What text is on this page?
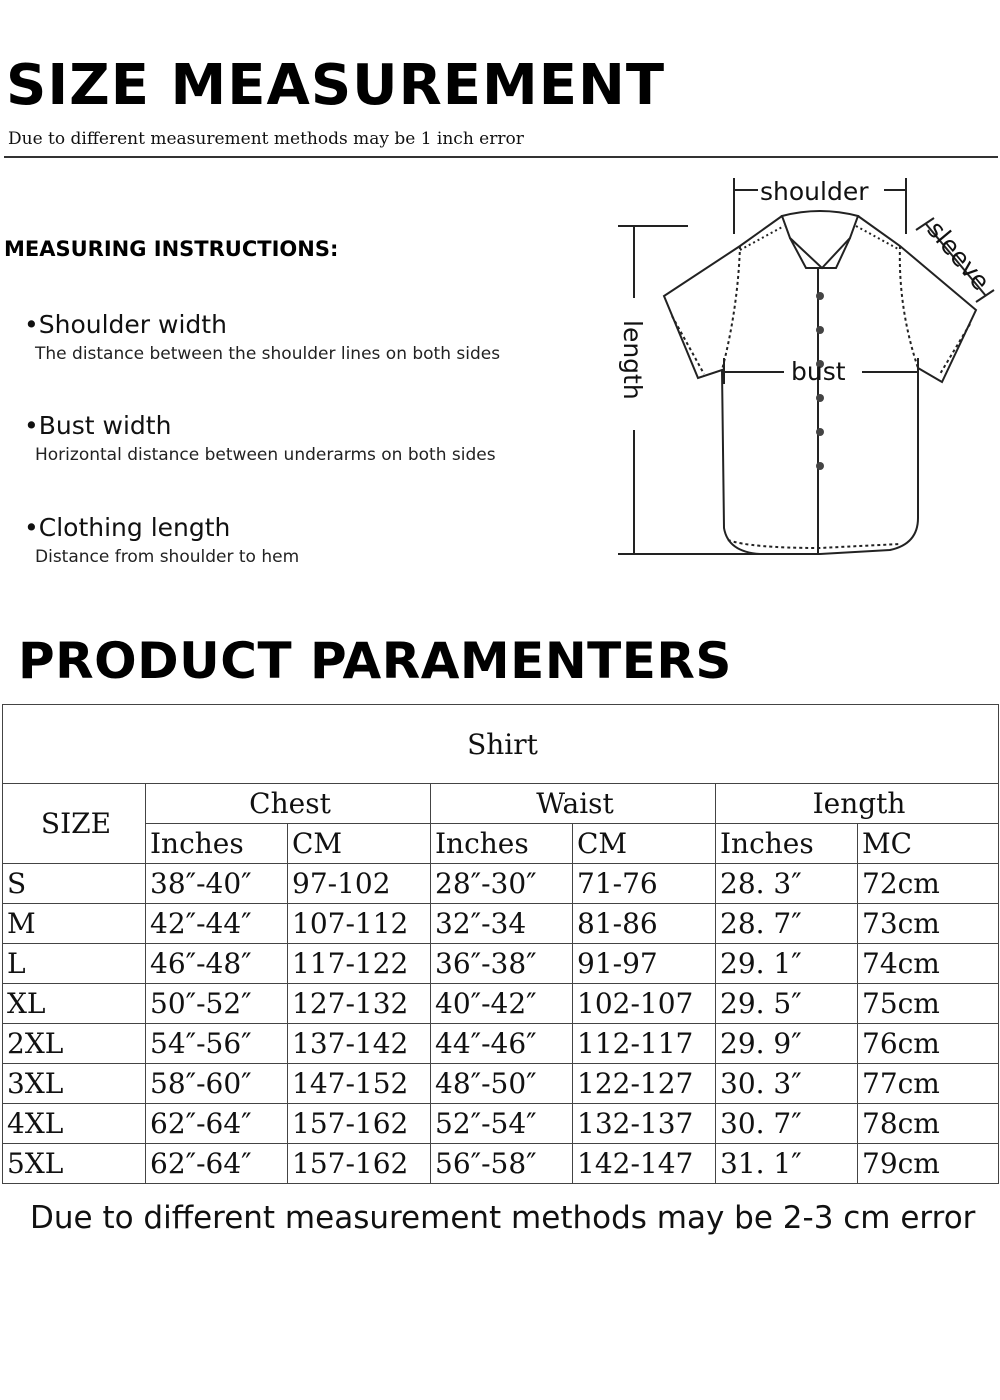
SIZE MEASUREMENT
Due to different measurement methods may be 1 inch error
MEASURING INSTRUCTIONS:
•Shoulder width
The distance between the shoulder lines on both sides
•Bust width
Horizontal distance between underarms on both sides
•Clothing length
Distance from shoulder to hem
shoulder
sleeve
bust
length
PRODUCT PARAMENTERS
Shirt						
SIZE	Chest		Waist		Iength	
	Inches	CM	Inches	CM	Inches	MC
S	38″-40″	97-102	28″-30″	71-76	28. 3″	72cm
M	42″-44″	107-112	32″-34	81-86	28. 7″	73cm
L	46″-48″	117-122	36″-38″	91-97	29. 1″	74cm
XL	50″-52″	127-132	40″-42″	102-107	29. 5″	75cm
2XL	54″-56″	137-142	44″-46″	112-117	29. 9″	76cm
3XL	58″-60″	147-152	48″-50″	122-127	30. 3″	77cm
4XL	62″-64″	157-162	52″-54″	132-137	30. 7″	78cm
5XL	62″-64″	157-162	56″-58″	142-147	31. 1″	79cm
Due to different measurement methods may be 2-3 cm error
